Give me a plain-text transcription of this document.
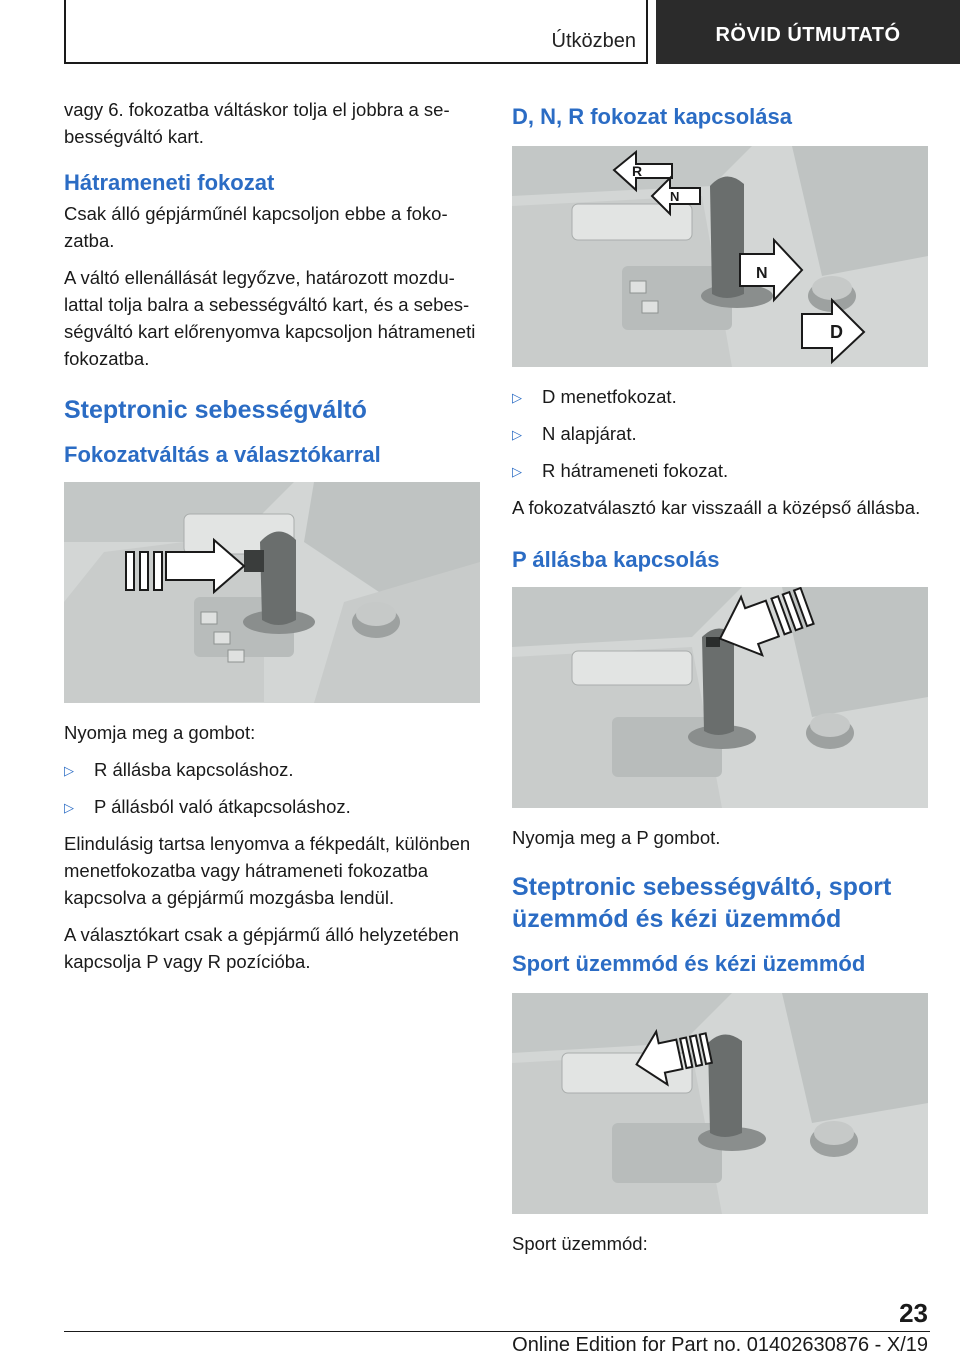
Útközben	RÖVID ÚTMUTATÓ

vagy 6. fokozatba váltáskor tolja el jobbra a sebességváltó kart.

Hátrameneti fokozat

Csak álló gépjárműnél kapcsoljon ebbe a fokozatba.

A váltó ellenállását legyőzve, határozott mozdulattal tolja balra a sebességváltó kart, és a sebességváltó kart előrenyomva kapcsoljon hátrameneti fokozatba.

Steptronic sebességváltó
Fokozatváltás a választókarral

Nyomja meg a gombot:

▷	R állásba kapcsoláshoz.
▷	P állásból való átkapcsoláshoz.

Elindulásig tartsa lenyomva a fékpedált, különben menetfokozatba vagy hátrameneti fokozatba kapcsolva a gépjármű mozgásba lendül.

A választókart csak a gépjármű álló helyzetében kapcsolja P vagy R pozícióba.

D, N, R fokozat kapcsolása
R
N
N
D
▷	D menetfokozat.
▷	N alapjárat.
▷	R hátrameneti fokozat.

A fokozatválasztó kar visszaáll a középső állásba.

P állásba kapcsolás

Nyomja meg a P gombot.

Steptronic sebességváltó, sport üzemmód és kézi üzemmód
Sport üzemmód és kézi üzemmód

Sport üzemmód:

23
Online Edition for Part no. 01402630876 - X/19
